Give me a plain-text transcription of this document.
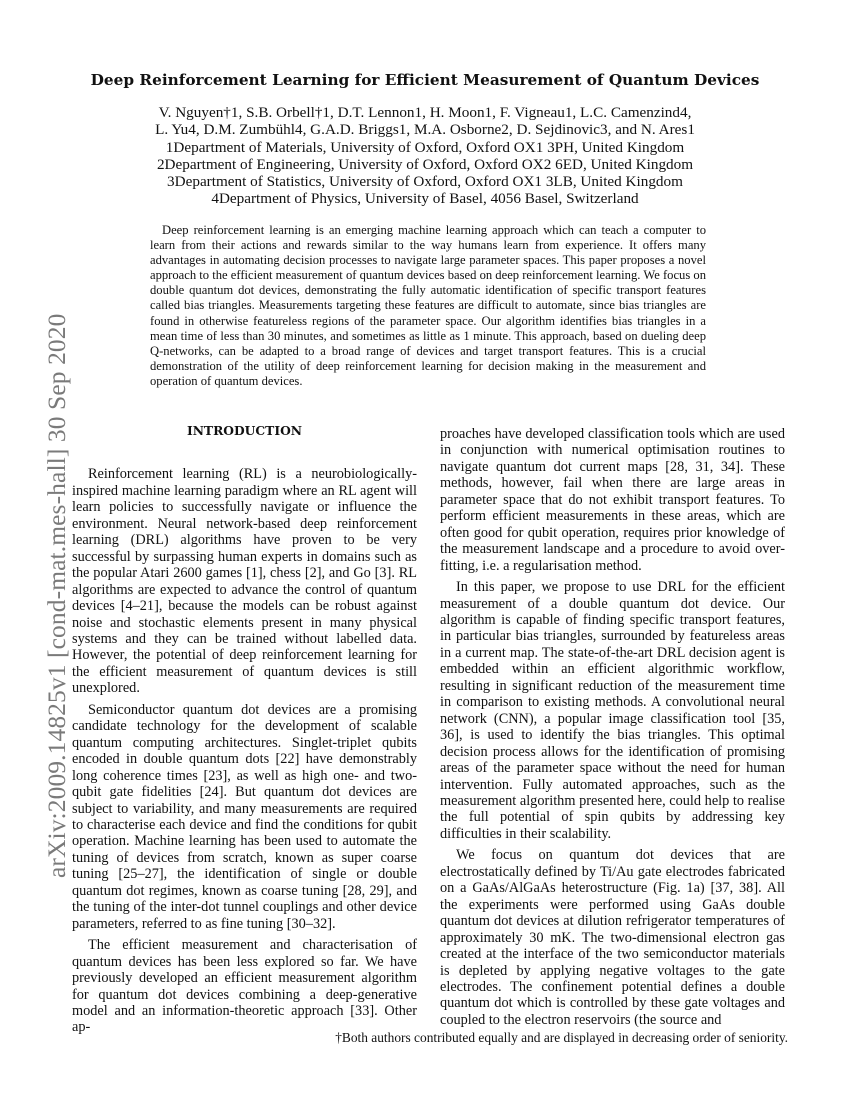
arXiv:2009.14825v1 [cond-mat.mes-hall] 30 Sep 2020
Deep Reinforcement Learning for Efficient Measurement of Quantum Devices
V. Nguyen†1, S.B. Orbell†1, D.T. Lennon1, H. Moon1, F. Vigneau1, L.C. Camenzind4,
L. Yu4, D.M. Zumbühl4, G.A.D. Briggs1, M.A. Osborne2, D. Sejdinovic3, and N. Ares1
1Department of Materials, University of Oxford, Oxford OX1 3PH, United Kingdom
2Department of Engineering, University of Oxford, Oxford OX2 6ED, United Kingdom
3Department of Statistics, University of Oxford, Oxford OX1 3LB, United Kingdom
4Department of Physics, University of Basel, 4056 Basel, Switzerland
Deep reinforcement learning is an emerging machine learning approach which can teach a computer to learn from their actions and rewards similar to the way humans learn from experience. It offers many advantages in automating decision processes to navigate large parameter spaces. This paper proposes a novel approach to the efficient measurement of quantum devices based on deep reinforcement learning. We focus on double quantum dot devices, demonstrating the fully automatic identification of specific transport features called bias triangles. Measurements targeting these features are difficult to automate, since bias triangles are found in otherwise featureless regions of the parameter space. Our algorithm identifies bias triangles in a mean time of less than 30 minutes, and sometimes as little as 1 minute. This approach, based on dueling deep Q-networks, can be adapted to a broad range of devices and target transport features. This is a crucial demonstration of the utility of deep reinforcement learning for decision making in the measurement and operation of quantum devices.
INTRODUCTION

Reinforcement learning (RL) is a neurobiologically-inspired machine learning paradigm where an RL agent will learn policies to successfully navigate or influence the environment. Neural network-based deep reinforcement learning (DRL) algorithms have proven to be very successful by surpassing human experts in domains such as the popular Atari 2600 games [1], chess [2], and Go [3]. RL algorithms are expected to advance the control of quantum devices [4–21], because the models can be robust against noise and stochastic elements present in many physical systems and they can be trained without labelled data. However, the potential of deep reinforcement learning for the efficient measurement of quantum devices is still unexplored.

Semiconductor quantum dot devices are a promising candidate technology for the development of scalable quantum computing architectures. Singlet-triplet qubits encoded in double quantum dots [22] have demonstrably long coherence times [23], as well as high one- and two-qubit gate fidelities [24]. But quantum dot devices are subject to variability, and many measurements are required to characterise each device and find the conditions for qubit operation. Machine learning has been used to automate the tuning of devices from scratch, known as super coarse tuning [25–27], the identification of single or double quantum dot regimes, known as coarse tuning [28, 29], and the tuning of the inter-dot tunnel couplings and other device parameters, referred to as fine tuning [30–32].

The efficient measurement and characterisation of quantum devices has been less explored so far. We have previously developed an efficient measurement algorithm for quantum dot devices combining a deep-generative model and an information-theoretic approach [33]. Other ap-

proaches have developed classification tools which are used in conjunction with numerical optimisation routines to navigate quantum dot current maps [28, 31, 34]. These methods, however, fail when there are large areas in parameter space that do not exhibit transport features. To perform efficient measurements in these areas, which are often good for qubit operation, requires prior knowledge of the measurement landscape and a procedure to avoid over-fitting, i.e. a regularisation method.

In this paper, we propose to use DRL for the efficient measurement of a double quantum dot device. Our algorithm is capable of finding specific transport features, in particular bias triangles, surrounded by featureless areas in a current map. The state-of-the-art DRL decision agent is embedded within an efficient algorithmic workflow, resulting in significant reduction of the measurement time in comparison to existing methods. A convolutional neural network (CNN), a popular image classification tool [35, 36], is used to identify the bias triangles. This optimal decision process allows for the identification of promising areas of the parameter space without the need for human intervention. Fully automated approaches, such as the measurement algorithm presented here, could help to realise the full potential of spin qubits by addressing key difficulties in their scalability.

We focus on quantum dot devices that are electrostatically defined by Ti/Au gate electrodes fabricated on a GaAs/AlGaAs heterostructure (Fig. 1a) [37, 38]. All the experiments were performed using GaAs double quantum dot devices at dilution refrigerator temperatures of approximately 30 mK. The two-dimensional electron gas created at the interface of the two semiconductor materials is depleted by applying negative voltages to the gate electrodes. The confinement potential defines a double quantum dot which is controlled by these gate voltages and coupled to the electron reservoirs (the source and

†Both authors contributed equally and are displayed in decreasing order of seniority.
